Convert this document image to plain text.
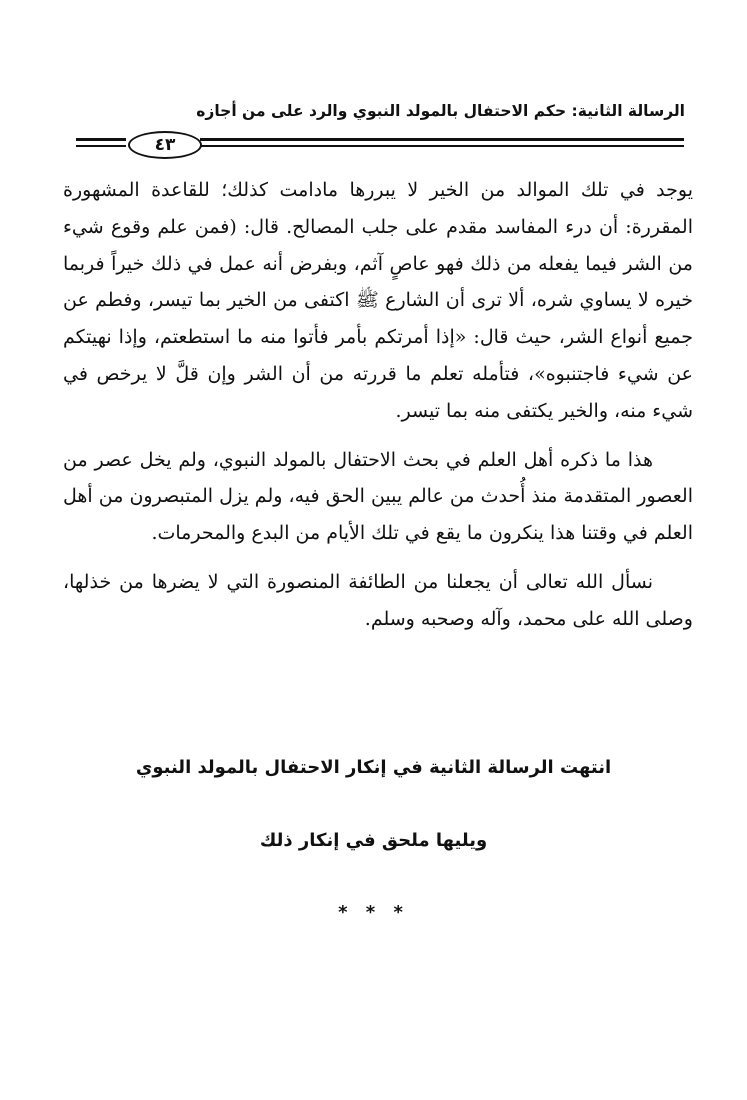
الرسالة الثانية: حكم الاحتفال بالمولد النبوي والرد على من أجازه
٤٣

يوجد في تلك الموالد من الخير لا يبررها مادامت كذلك؛ للقاعدة المشهورة المقررة: أن درء المفاسد مقدم على جلب المصالح. قال: (فمن علم وقوع شيء من الشر فيما يفعله من ذلك فهو عاصٍ آثم، وبفرض أنه عمل في ذلك خيراً فربما خيره لا يساوي شره، ألا ترى أن الشارع ﷺ اكتفى من الخير بما تيسر، وفطم عن جميع أنواع الشر، حيث قال: «إذا أمرتكم بأمر فأتوا منه ما استطعتم، وإذا نهيتكم عن شيء فاجتنبوه»، فتأمله تعلم ما قررته من أن الشر وإن قلَّ لا يرخص في شيء منه، والخير يكتفى منه بما تيسر.

هذا ما ذكره أهل العلم في بحث الاحتفال بالمولد النبوي، ولم يخل عصر من العصور المتقدمة منذ أُحدث من عالم يبين الحق فيه، ولم يزل المتبصرون من أهل العلم في وقتنا هذا ينكرون ما يقع في تلك الأيام من البدع والمحرمات.

نسأل الله تعالى أن يجعلنا من الطائفة المنصورة التي لا يضرها من خذلها، وصلى الله على محمد، وآله وصحبه وسلم.

انتهت الرسالة الثانية في إنكار الاحتفال بالمولد النبوي
ويليها ملحق في إنكار ذلك
* * *
